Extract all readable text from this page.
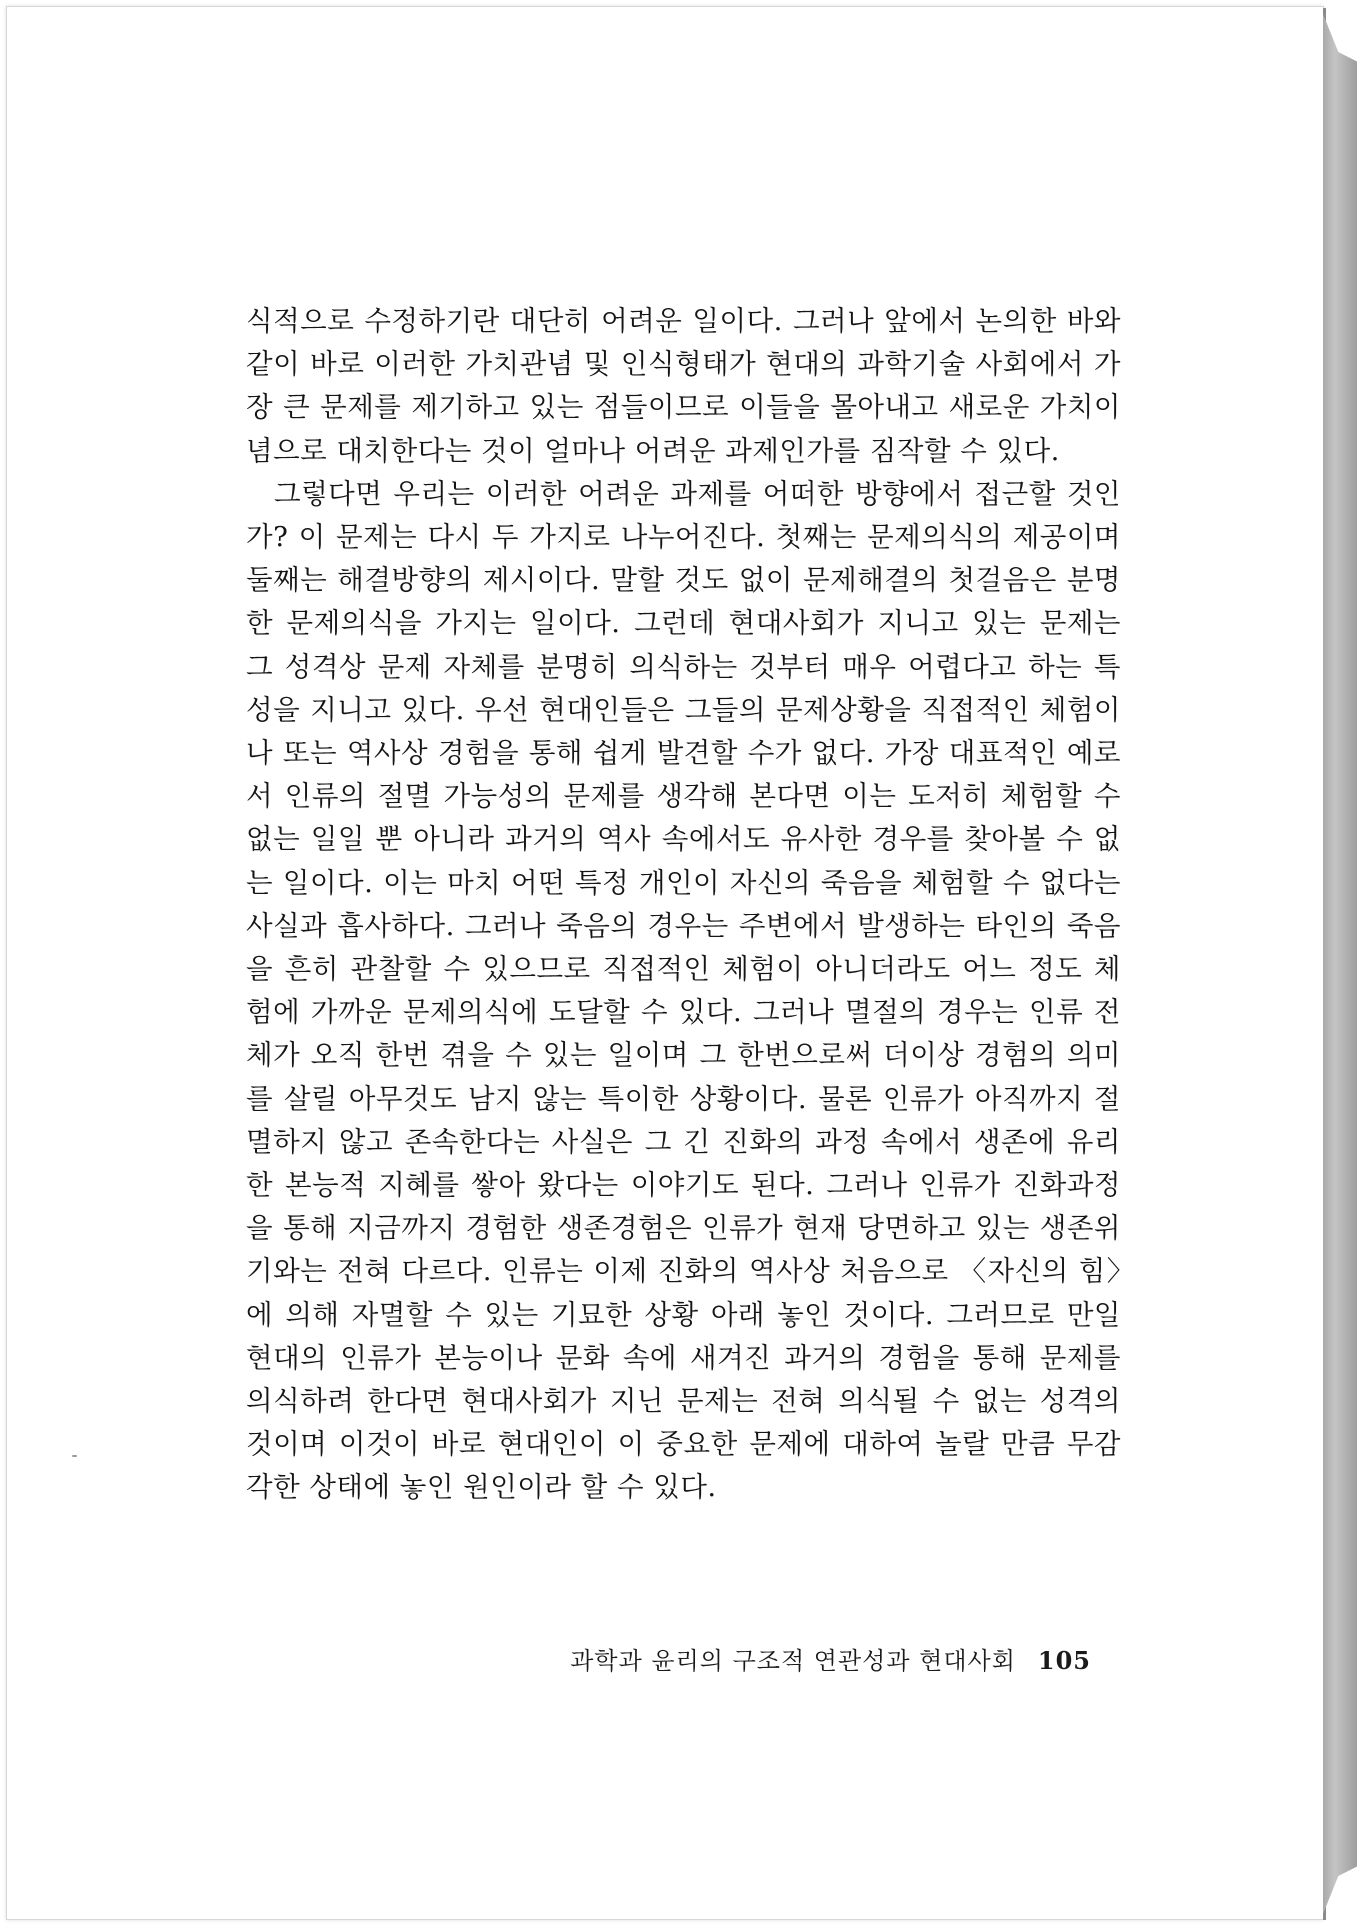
식적으로 수정하기란 대단히 어려운 일이다. 그러나 앞에서 논의한 바와 같이 바로 이러한 가치관념 및 인식형태가 현대의 과학기술 사회에서 가장 큰 문제를 제기하고 있는 점들이므로 이들을 몰아내고 새로운 가치이념으로 대치한다는 것이 얼마나 어려운 과제인가를 짐작할 수 있다.

그렇다면 우리는 이러한 어려운 과제를 어떠한 방향에서 접근할 것인가? 이 문제는 다시 두 가지로 나누어진다. 첫째는 문제의식의 제공이며 둘째는 해결방향의 제시이다. 말할 것도 없이 문제해결의 첫걸음은 분명한 문제의식을 가지는 일이다. 그런데 현대사회가 지니고 있는 문제는 그 성격상 문제 자체를 분명히 의식하는 것부터 매우 어렵다고 하는 특성을 지니고 있다. 우선 현대인들은 그들의 문제상황을 직접적인 체험이나 또는 역사상 경험을 통해 쉽게 발견할 수가 없다. 가장 대표적인 예로서 인류의 절멸 가능성의 문제를 생각해 본다면 이는 도저히 체험할 수 없는 일일 뿐 아니라 과거의 역사 속에서도 유사한 경우를 찾아볼 수 없는 일이다. 이는 마치 어떤 특정 개인이 자신의 죽음을 체험할 수 없다는 사실과 흡사하다. 그러나 죽음의 경우는 주변에서 발생하는 타인의 죽음을 흔히 관찰할 수 있으므로 직접적인 체험이 아니더라도 어느 정도 체험에 가까운 문제의식에 도달할 수 있다. 그러나 멸절의 경우는 인류 전체가 오직 한번 겪을 수 있는 일이며 그 한번으로써 더이상 경험의 의미를 살릴 아무것도 남지 않는 특이한 상황이다. 물론 인류가 아직까지 절멸하지 않고 존속한다는 사실은 그 긴 진화의 과정 속에서 생존에 유리한 본능적 지혜를 쌓아 왔다는 이야기도 된다. 그러나 인류가 진화과정을 통해 지금까지 경험한 생존경험은 인류가 현재 당면하고 있는 생존위기와는 전혀 다르다. 인류는 이제 진화의 역사상 처음으로 〈자신의 힘〉에 의해 자멸할 수 있는 기묘한 상황 아래 놓인 것이다. 그러므로 만일 현대의 인류가 본능이나 문화 속에 새겨진 과거의 경험을 통해 문제를 의식하려 한다면 현대사회가 지닌 문제는 전혀 의식될 수 없는 성격의 것이며 이것이 바로 현대인이 이 중요한 문제에 대하여 놀랄 만큼 무감각한 상태에 놓인 원인이라 할 수 있다.

과학과 윤리의 구조적 연관성과 현대사회 105
